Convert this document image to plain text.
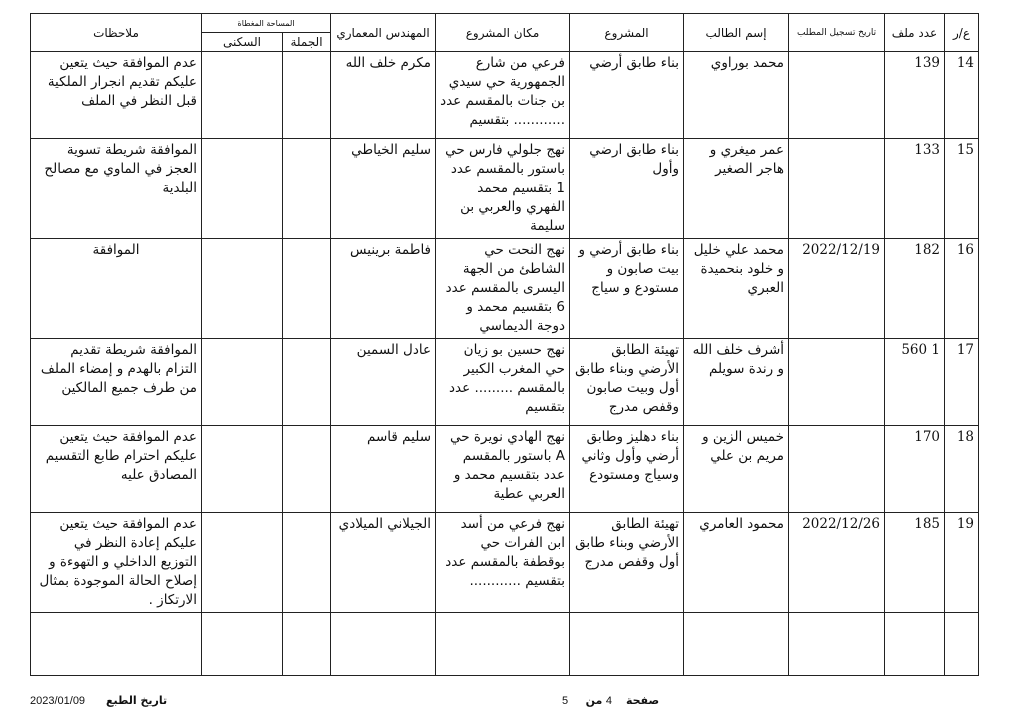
ع/ر	عدد ملف	تاريخ تسجيل المطلب	إسم الطالب	المشروع	مكان المشروع	المهندس المعماري	المساحة المغطاة		ملاحظات
							الجملة	السكنى	
14	139		محمد بوراوي	بناء طابق أرضي	فرعي من شارع الجمهورية حي سيدي بن جنات بالمقسم عدد ............ بتقسيم	مكرم خلف الله			عدم الموافقة حيث يتعين عليكم تقديم انجرار الملكية قبل النظر في الملف
15	133		عمر ميغري و هاجر الصغير	بناء طابق ارضي وأول	نهج جلولي فارس حي باستور بالمقسم عدد 1 بتقسيم محمد الفهري والعربي بن سليمة	سليم الخياطي			الموافقة شريطة تسوية العجز في الماوي مع مصالح البلدية
16	182	2022/12/19	محمد علي خليل و خلود بنحميدة العبري	بناء طابق أرضي و بيت صابون و مستودع و سياج	نهج النحت حي الشاطئ من الجهة اليسرى بالمقسم عدد 6 بتقسيم محمد و دوجة الديماسي	فاطمة برينيس			الموافقة
17	1 560		أشرف خلف الله و رندة سويلم	تهيئة الطابق الأرضي وبناء طابق أول وبيت صابون وقفص مدرج	نهج حسين بو زيان حي المغرب الكبير بالمقسم ......... عدد بتقسيم	عادل السمين			الموافقة شريطة تقديم التزام بالهدم و إمضاء الملف من طرف جميع المالكين
18	170		خميس الزين و مريم بن علي	بناء دهليز وطابق أرضي وأول وثاني وسياج ومستودع	نهج الهادي نويرة حي A باستور بالمقسم عدد بتقسيم محمد و العربي عطية	سليم قاسم			عدم الموافقة حيث يتعين عليكم احترام طابع التقسيم المصادق عليه
19	185	2022/12/26	محمود العامري	تهيئة الطابق الأرضي وبناء طابق أول وقفص مدرج	نهج فرعي من أسد ابن الفرات حي بوقطفة بالمقسم عدد بتقسيم ............	الجيلاني الميلادي			عدم الموافقة حيث يتعين عليكم إعادة النظر في التوزيع الداخلي و التهوءة و إصلاح الحالة الموجودة بمثال الارتكاز .

صفحة    4 من     5
تاريخ الطبع      2023/01/09
